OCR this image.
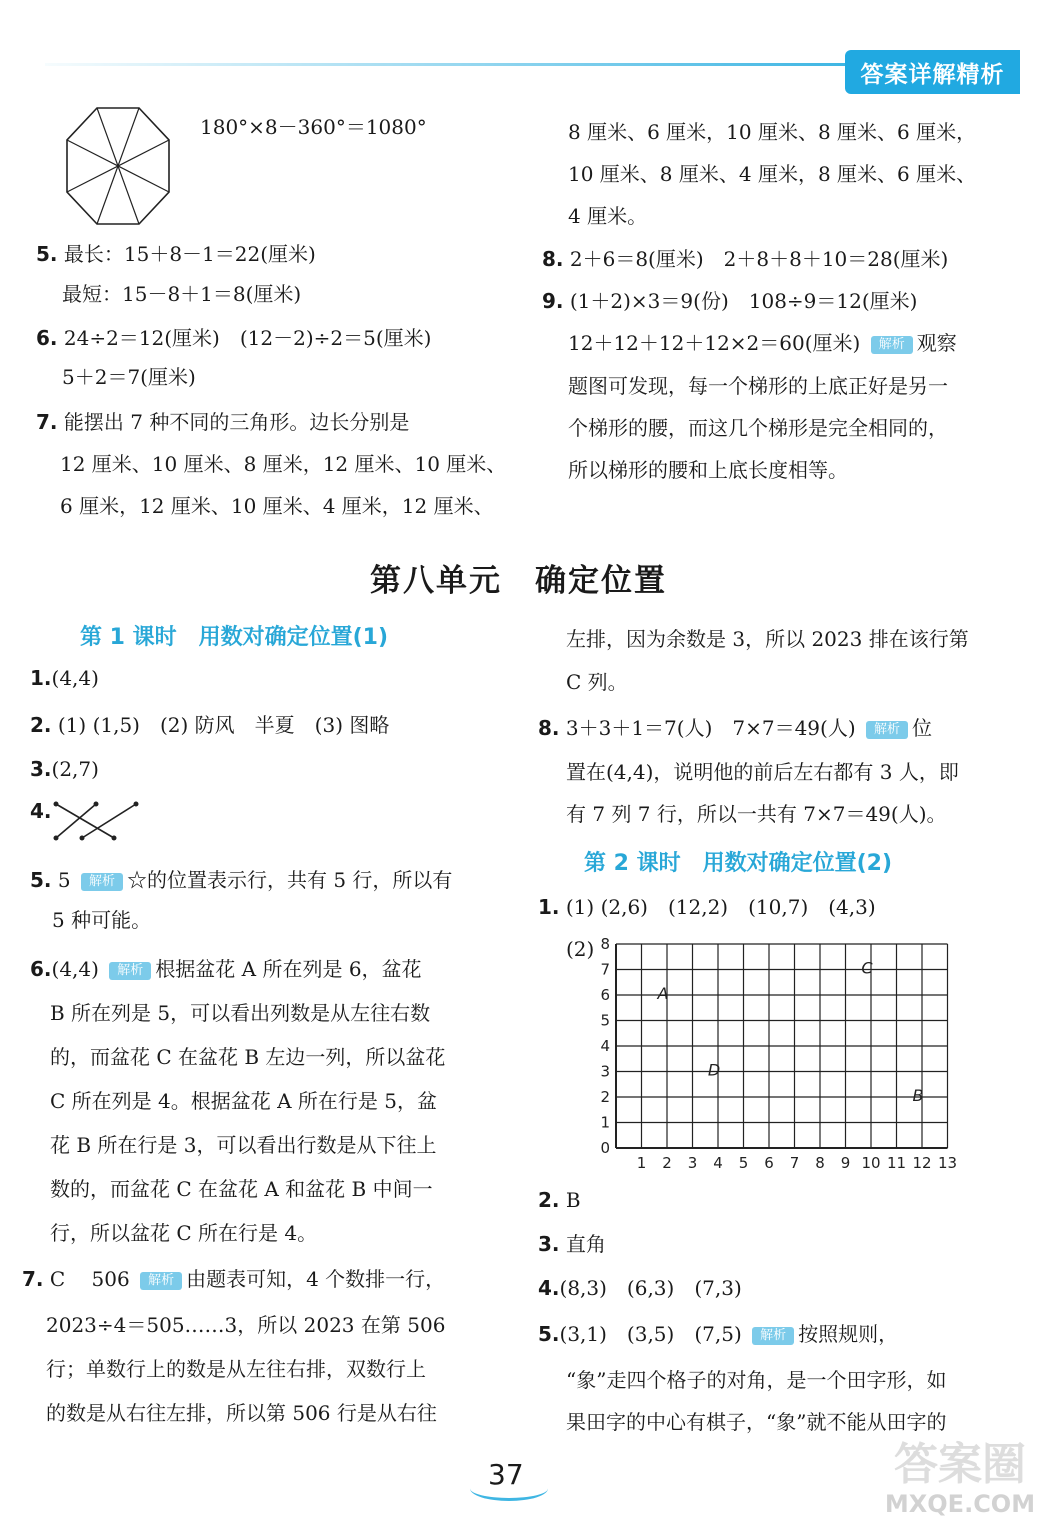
答案详解精析
180°×8－360°＝1080°
5. 最长：15＋8－1＝22(厘米)
最短：15－8＋1＝8(厘米)
6. 24÷2＝12(厘米)　(12－2)÷2＝5(厘米)
5＋2＝7(厘米)
7. 能摆出 7 种不同的三角形。边长分别是
12 厘米、10 厘米、8 厘米，12 厘米、10 厘米、
6 厘米，12 厘米、10 厘米、4 厘米，12 厘米、
8 厘米、6 厘米，10 厘米、8 厘米、6 厘米，
10 厘米、8 厘米、4 厘米，8 厘米、6 厘米、
4 厘米。
8. 2＋6＝8(厘米)　2＋8＋8＋10＝28(厘米)
9. (1＋2)×3＝9(份)　108÷9＝12(厘米)
12＋12＋12＋12×2＝60(厘米) 解析 观察
题图可发现，每一个梯形的上底正好是另一
个梯形的腰，而这几个梯形是完全相同的，
所以梯形的腰和上底长度相等。
第八单元　确定位置
第 1 课时　用数对确定位置(1)
1.(4,4)
2. (1) (1,5)　(2) 防风　半夏　(3) 图略
3.(2,7)
4.
5. 5 解析 ☆的位置表示行，共有 5 行，所以有
5 种可能。
6.(4,4) 解析 根据盆花 A 所在列是 6，盆花
B 所在列是 5，可以看出列数是从左往右数
的，而盆花 C 在盆花 B 左边一列，所以盆花
C 所在列是 4。根据盆花 A 所在行是 5，盆
花 B 所在行是 3，可以看出行数是从下往上
数的，而盆花 C 在盆花 A 和盆花 B 中间一
行，所以盆花 C 所在行是 4。
7. C　 506 解析 由题表可知，4 个数排一行，
2023÷4＝505……3，所以 2023 在第 506
行；单数行上的数是从左往右排，双数行上
的数是从右往左排，所以第 506 行是从右往
左排，因为余数是 3，所以 2023 排在该行第
C 列。
8. 3＋3＋1＝7(人)　7×7＝49(人) 解析 位
置在(4,4)，说明他的前后左右都有 3 人，即
有 7 列 7 行，所以一共有 7×7＝49(人)。
第 2 课时　用数对确定位置(2)
1. (1) (2,6)　(12,2)　(10,7)　(4,3)
(2)
1 2 3 4 5 6 7 8 9 10 11 12 13
0
1
2
3
4
5
6
7
8
A
B
C
D
2. B
3. 直角
4.(8,3)　(6,3)　(7,3)
5.(3,1)　(3,5)　(7,5) 解析 按照规则，
“象”走四个格子的对角，是一个田字形，如
果田字的中心有棋子，“象”就不能从田字的
37	答案圈
MXQE.COM
